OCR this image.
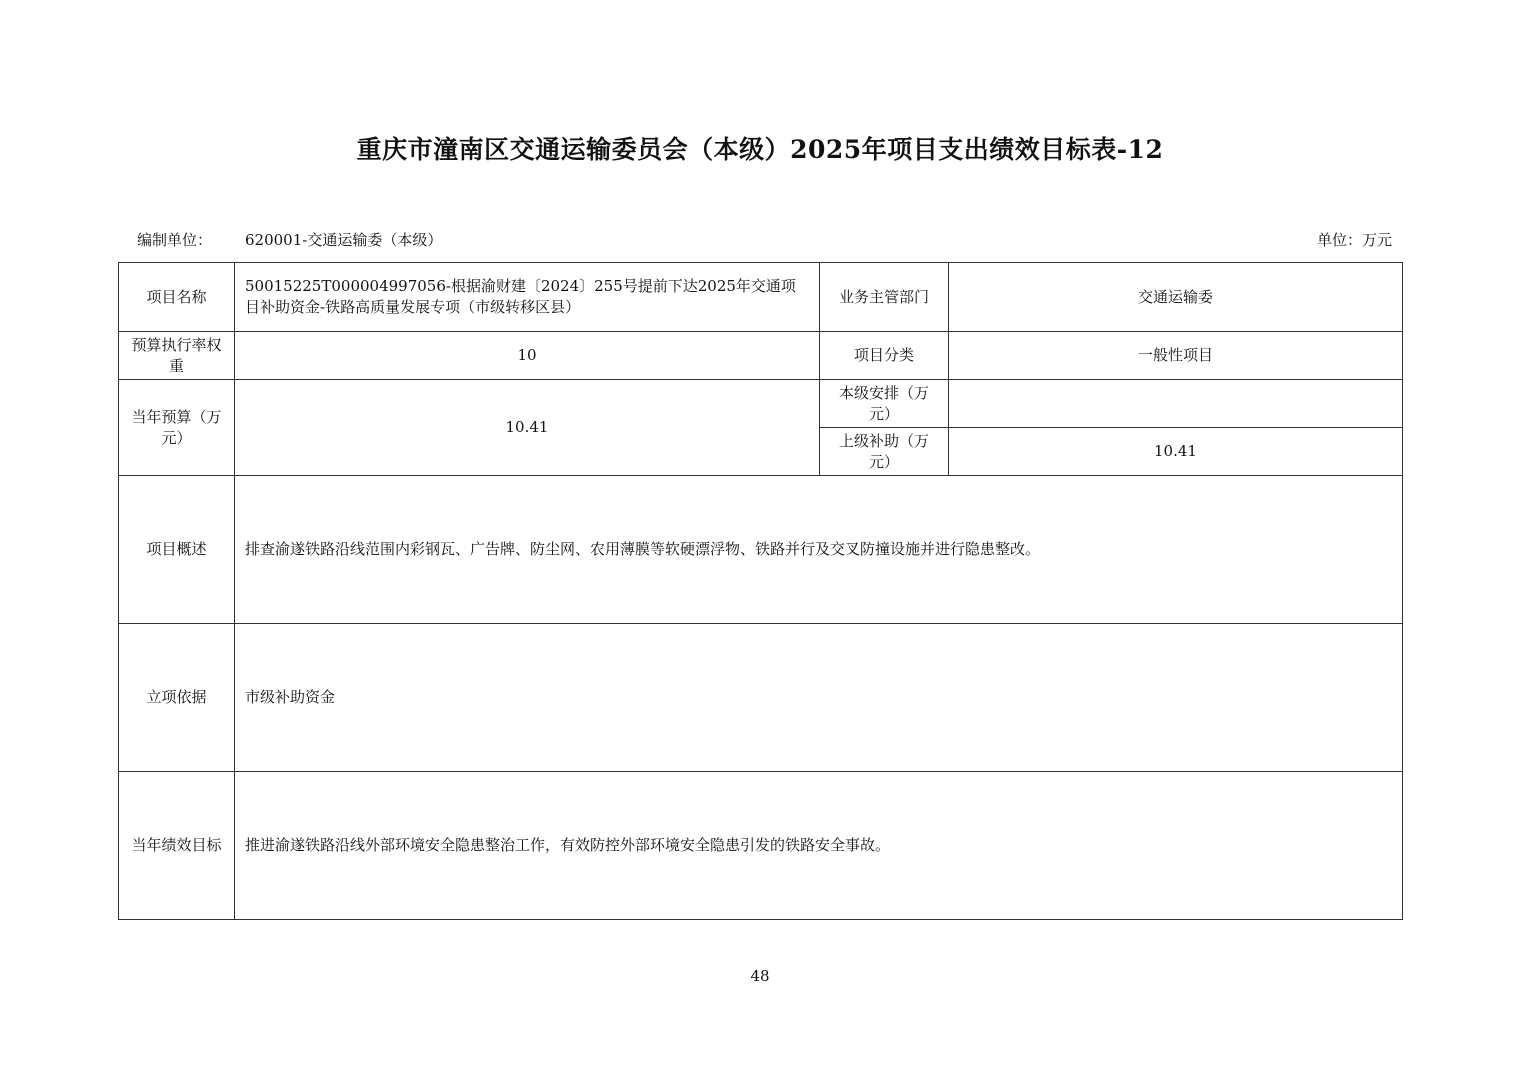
重庆市潼南区交通运输委员会（本级）2025年项目支出绩效目标表-12
编制单位： 620001-交通运输委（本级）	单位：万元
项目名称	50015225T000004997056-根据渝财建〔2024〕255号提前下达2025年交通项目补助资金-铁路高质量发展专项（市级转移区县）	业务主管部门	交通运输委
预算执行率权重	10	项目分类	一般性项目
当年预算（万元）	10.41	本级安排（万元）	
		上级补助（万元）	10.41
项目概述	排查渝遂铁路沿线范围内彩钢瓦、广告牌、防尘网、农用薄膜等软硬漂浮物、铁路并行及交叉防撞设施并进行隐患整改。		
立项依据	市级补助资金		
当年绩效目标	推进渝遂铁路沿线外部环境安全隐患整治工作，有效防控外部环境安全隐患引发的铁路安全事故。		
48
